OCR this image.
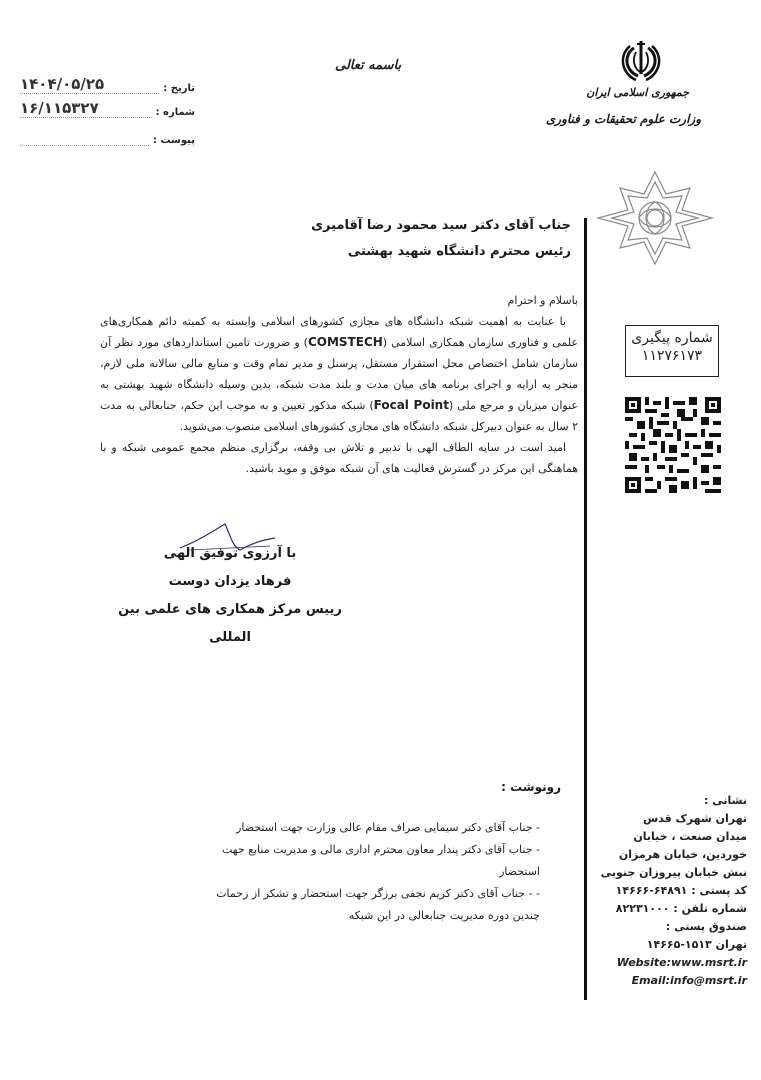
تاریخ :
۱۴۰۴/۰۵/۲۵
شماره :
۱۶/۱۱۵۳۲۷
پیوست :
باسمه تعالی
جمهوری اسلامی ایران
وزارت علوم تحقیقات و فناوری
شماره پیگیری
۱۱۲۷۶۱۷۳
جناب آقای دکتر سید محمود رضا آقامیری
رئیس محترم دانشگاه شهید بهشتی

باسلام و احترام

با عنایت به اهمیت شبکه دانشگاه های مجازی کشورهای اسلامی وابسته به کمیته دائم همکاری‌های علمی و فناوری سازمان همکاری اسلامی (COMSTECH) و ضرورت تامین استانداردهای مورد نظر آن سازمان شامل اختصاص محل استقرار مستقل، پرسنل و مدیر تمام وقت و منابع مالی سالانه ملی لازم، منجر به ارایه و اجرای برنامه های میان مدت و بلند مدت شبکه، بدین وسیله دانشگاه شهید بهشتی به عنوان میزبان و مرجع ملی (Focal Point) شبکه مذکور تعیین و به موجب این حکم، جنابعالی به مدت ۲ سال به عنوان دبیرکل شبکه دانشگاه های مجازی کشورهای اسلامی منصوب می‌شوید.

امید است در سایه الطاف الهی با تدبیر و تلاش بی وقفه، برگزاری منظم مجمع عمومی شبکه و با هماهنگی این مرکز در گسترش فعالیت های آن شبکه موفق و موید باشید.

با آرزوی توفیق الهی
فرهاد یزدان دوست
رییس مرکز همکاری های علمی بین المللی
رونوشت :
- جناب آقای دکتر سیمایی صراف مقام عالی وزارت جهت استحضار
- جناب آقای دکتر پندار معاون محترم اداری مالی و مدیریت منابع جهت استحضار
- - جناب آقای دکتر کریم نجفی برزگر جهت استحضار و تشکر از زحمات چندین دوره مدیریت جنابعالی در این شبکه
نشانی :
تهران شهرک قدس
میدان صنعت ، خیابان
خوردین، خیابان هرمزان
نبش خیابان پیروزان جنوبی
کد پستی : ۶۴۸۹۱-۱۴۶۶۶
شماره تلفن : ۸۲۲۳۱۰۰۰
صندوق پستی :
تهران ۱۵۱۳-۱۴۶۶۵
Website:www.msrt.ir
Email:info@msrt.ir
